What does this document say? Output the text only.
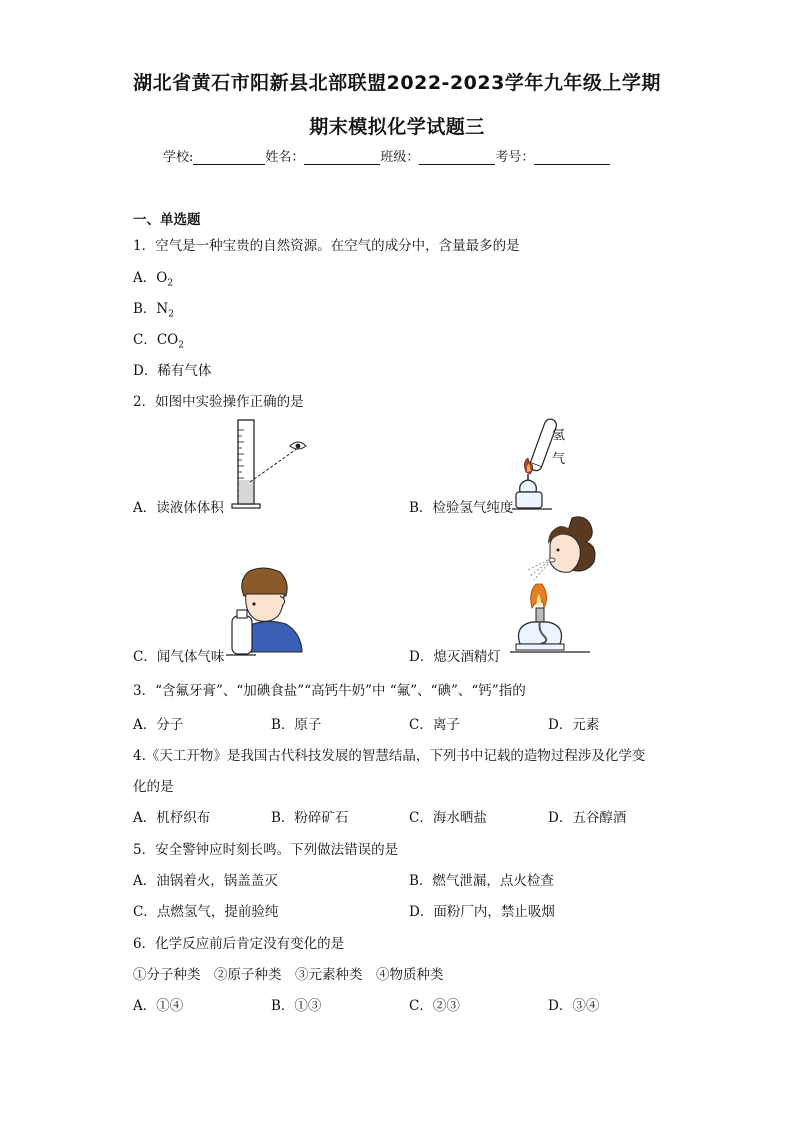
湖北省黄石市阳新县北部联盟2022-2023学年九年级上学期
期末模拟化学试题三
学校:	姓名：	班级：	考号：
一、单选题
1．空气是一种宝贵的自然资源。在空气的成分中，含量最多的是
A．$O_2$
B．$N_2$
C．$CO_2$
D．稀有气体
2．如图中实验操作正确的是
氢
气
A．读液体体积	B．检验氢气纯度
C．闻气体气味	D．熄灭酒精灯
3．“含氟牙膏”、“加碘食盐”“高钙牛奶”中 “氟”、“碘”、“钙”指的
A．分子	B．原子	C．离子	D．元素
4.《天工开物》是我国古代科技发展的智慧结晶，下列书中记载的造物过程涉及化学变
化的是
A．机杼织布	B．粉碎矿石	C．海水晒盐	D．五谷醇酒
5．安全警钟应时刻长鸣。下列做法错误的是
A．油锅着火，锅盖盖灭	B．燃气泄漏，点火检查
C．点燃氢气，提前验纯	D．面粉厂内，禁止吸烟
6．化学反应前后肯定没有变化的是
①分子种类　②原子种类　③元素种类　④物质种类
A．①④	B．①③	C．②③	D．③④
